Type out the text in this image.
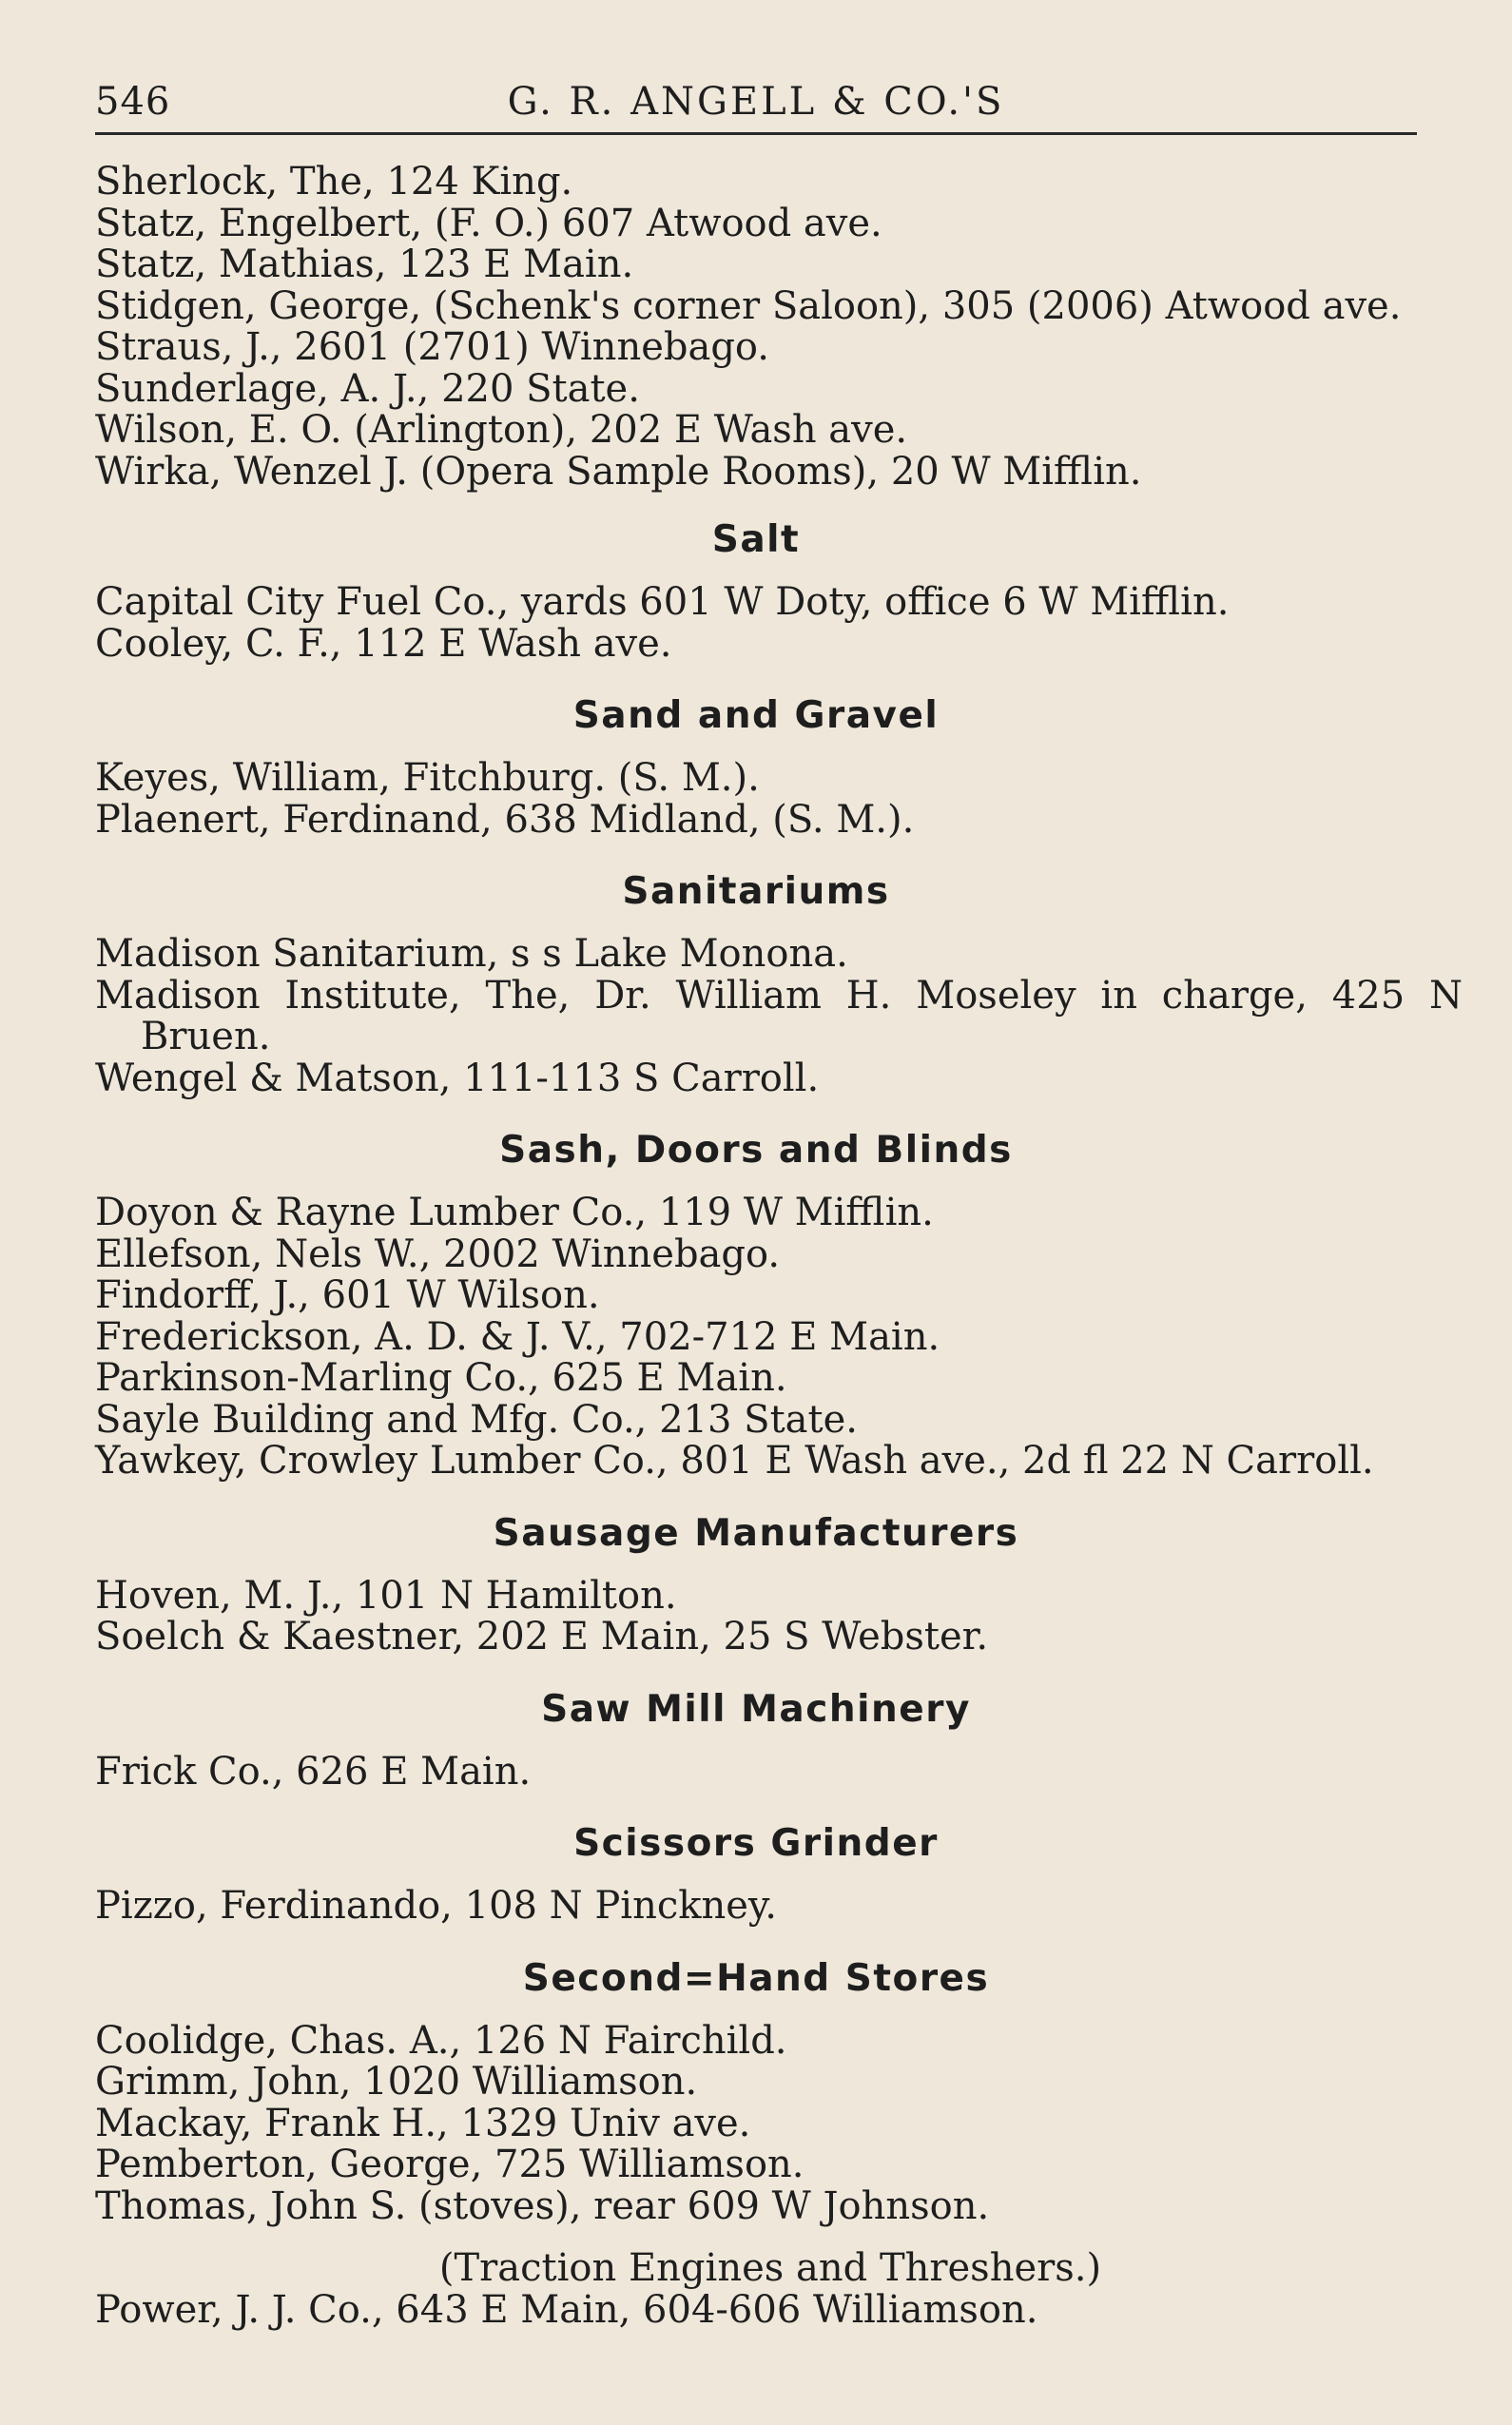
546	G. R. ANGELL & CO.'S
Sherlock, The, 124 King.
Statz, Engelbert, (F. O.) 607 Atwood ave.
Statz, Mathias, 123 E Main.
Stidgen, George, (Schenk's corner Saloon), 305 (2006) Atwood ave.
Straus, J., 2601 (2701) Winnebago.
Sunderlage, A. J., 220 State.
Wilson, E. O. (Arlington), 202 E Wash ave.
Wirka, Wenzel J. (Opera Sample Rooms), 20 W Mifflin.
Salt
Capital City Fuel Co., yards 601 W Doty, office 6 W Mifflin.
Cooley, C. F., 112 E Wash ave.
Sand and Gravel
Keyes, William, Fitchburg. (S. M.).
Plaenert, Ferdinand, 638 Midland, (S. M.).
Sanitariums
Madison Sanitarium, s s Lake Monona.
Madison Institute, The, Dr. William H. Moseley in charge, 425 N Bruen.
Wengel & Matson, 111-113 S Carroll.
Sash, Doors and Blinds
Doyon & Rayne Lumber Co., 119 W Mifflin.
Ellefson, Nels W., 2002 Winnebago.
Findorff, J., 601 W Wilson.
Frederickson, A. D. & J. V., 702-712 E Main.
Parkinson-Marling Co., 625 E Main.
Sayle Building and Mfg. Co., 213 State.
Yawkey, Crowley Lumber Co., 801 E Wash ave., 2d fl 22 N Carroll.
Sausage Manufacturers
Hoven, M. J., 101 N Hamilton.
Soelch & Kaestner, 202 E Main, 25 S Webster.
Saw Mill Machinery
Frick Co., 626 E Main.
Scissors Grinder
Pizzo, Ferdinando, 108 N Pinckney.
Second=Hand Stores
Coolidge, Chas. A., 126 N Fairchild.
Grimm, John, 1020 Williamson.
Mackay, Frank H., 1329 Univ ave.
Pemberton, George, 725 Williamson.
Thomas, John S. (stoves), rear 609 W Johnson.
(Traction Engines and Threshers.)
Power, J. J. Co., 643 E Main, 604-606 Williamson.
